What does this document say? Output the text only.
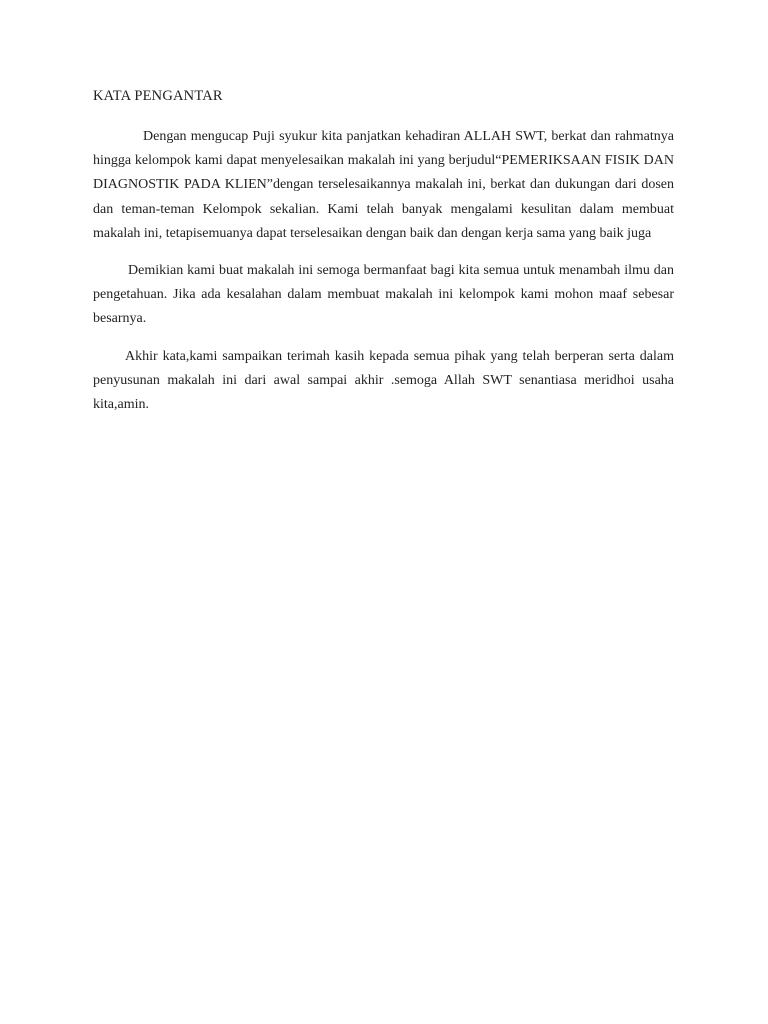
KATA PENGANTAR

Dengan mengucap Puji syukur kita panjatkan kehadiran ALLAH SWT, berkat dan rahmatnya hingga kelompok kami dapat menyelesaikan makalah ini yang berjudul“PEMERIKSAAN FISIK DAN DIAGNOSTIK PADA KLIEN”dengan terselesaikannya makalah ini, berkat dan dukungan dari dosen dan teman-teman Kelompok sekalian. Kami telah banyak mengalami kesulitan dalam membuat makalah ini, tetapisemuanya dapat terselesaikan dengan baik dan dengan kerja sama yang baik juga

Demikian kami buat makalah ini semoga bermanfaat bagi kita semua untuk menambah ilmu dan pengetahuan. Jika ada kesalahan dalam membuat makalah ini kelompok kami mohon maaf sebesar besarnya.

Akhir kata,kami sampaikan terimah kasih kepada semua pihak yang telah berperan serta dalam penyusunan makalah ini dari awal sampai akhir .semoga Allah SWT senantiasa meridhoi usaha kita,amin.
